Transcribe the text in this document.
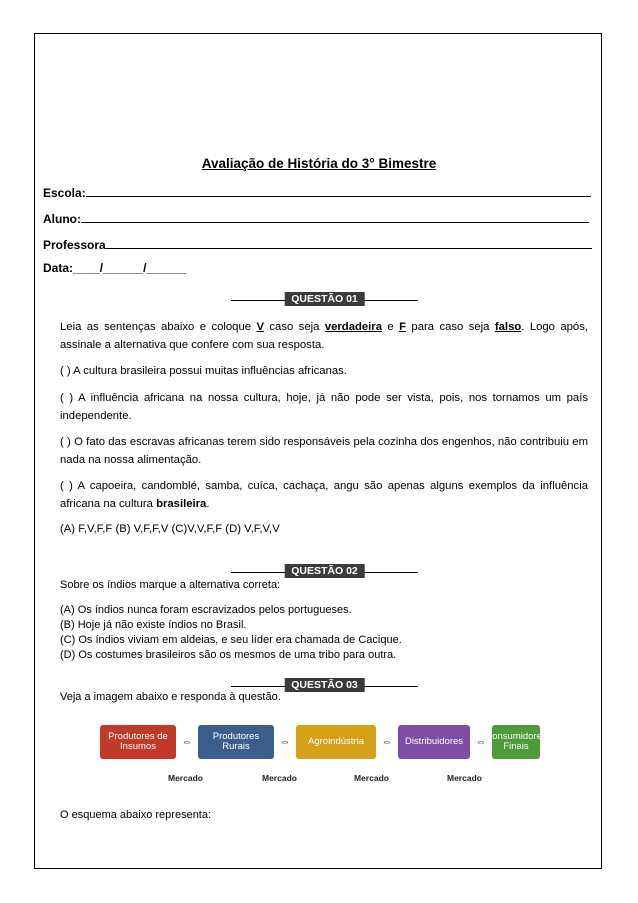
Avaliação de História do 3° Bimestre
Escola:
Aluno:
Professora
Data:____/______/______
QUESTÃO 01
Leia as sentenças abaixo e coloque V caso seja verdadeira e F para caso seja falso. Logo após, assinale a alternativa que confere com sua resposta.
( ) A cultura brasileira possui muitas influências africanas.
( ) A influência africana na nossa cultura, hoje, já não pode ser vista, pois, nos tornamos um país independente.
( ) O fato das escravas africanas terem sido responsáveis pela cozinha dos engenhos, não contribuiu em nada na nossa alimentação.
( ) A capoeira, candomblé, samba, cuíca, cachaça, angu são apenas alguns exemplos da influência africana na cultura brasileira.
(A) F,V,F,F (B) V,F,F,V (C)V,V,F,F (D) V,F,V,V
QUESTÃO 02
Sobre os índios marque a alternativa correta:
(A) Os índios nunca foram escravizados pelos portugueses.
(B) Hoje já não existe índios no Brasil.
(C) Os índios viviam em aldeias, e seu líder era chamada de Cacique.
(D) Os costumes brasileiros são os mesmos de uma tribo para outra.
QUESTÃO 03
Veja a imagem abaixo e responda à questão.
Produtores de Insumos	⇔	Produtores Rurais	⇔	Agroindústria	⇔	Distribuidores	⇔
Consumidores Finais
Mercado	Mercado	Mercado	Mercado
O esquema abaixo representa:
